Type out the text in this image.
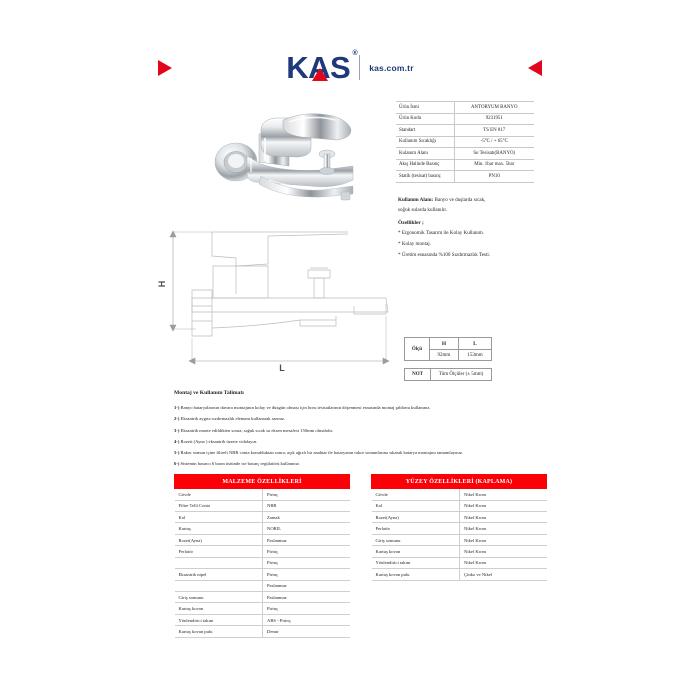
KAS ®
kas.com.tr
Ürün İsmi	ANTORYUM BANYO
Ürün Kodu	9231951
Standart	TS EN 817
Kullanım Sıcaklığı	-5°C / + 65°C
Kulanım Alanı	Su Tesisatı(BANYO)
Akış Halinde Basınç	Min. 1bar max. 5bar
Statik (tesisat) basınç	PN10
Kullanım Alanı: Banyo ve duşlarda sıcak,
soğuk sularda kullanılır.
Özellikler ;
* Ergonomik Tasarım ile Kolay Kullanım.
* Kolay montaj.
* Üretim esnasında %100 Sızdırmazlık Testi.
H
L
Ölçü	H	L
	92mm	153mm
NOT	Tüm Ölçüler (± 5mm)
Montaj ve Kullanım Talimatı
1-) Banyo bataryalarının duvara montajının kolay ve düzgün olması için boru tesisatlarının döşenmesi esnasında montaj şablonu kullanınız.
2-) Eksantrik aygıta sızdırmazlık elemanı kullanarak sarınız.
3-) Eksantrik monte edildikten sonra, sağuk sıcak su eksen mesafesi 150mm olmalıdır.
4-) Rozeti (Ayna ) eksantrik üzerie vidalayın.
5-) Rakor somun içine filtreli NBR conta konulduktan sonra, açık ağızlı bir anahtar ile bataryanın rakor somunlarına sıkarak batarya montajını tamamlayınız.
6-) Sistemin basıncı 6 barın üstünde ise basınç regülatörü kullanınız.
MALZEME ÖZELLİKLERİ	
Gövde	Pirinç
Filtre Telli Conta	NBR
Kol	Zamak
Kartuş	NORIL
Rozet(Ayna)	Paslanmaz
Perlatör	Pirinç
	Pirinç
Eksantrik nipel	Pirinç
	Paslanmaz
Giriş somunu	Paslanmaz
Kartuş kovan	Pirinç
Yönlendirici takım	ABS - Pirinç
Kartuş kovan pulu	Demir
YÜZEY ÖZELLİKLERİ (KAPLAMA)	
Gövde	Nikel Krom
Kol	Nikel Krom
Rozet(Ayna)	Nikel Krom
Perlatör	Nikel Krom
Giriş somunu	Nikel Krom
Kartuş kovan	Nikel Krom
Yönlendirici takım	Nikel Krom
Kartuş kovan pulu	Çinko ve Nikel
